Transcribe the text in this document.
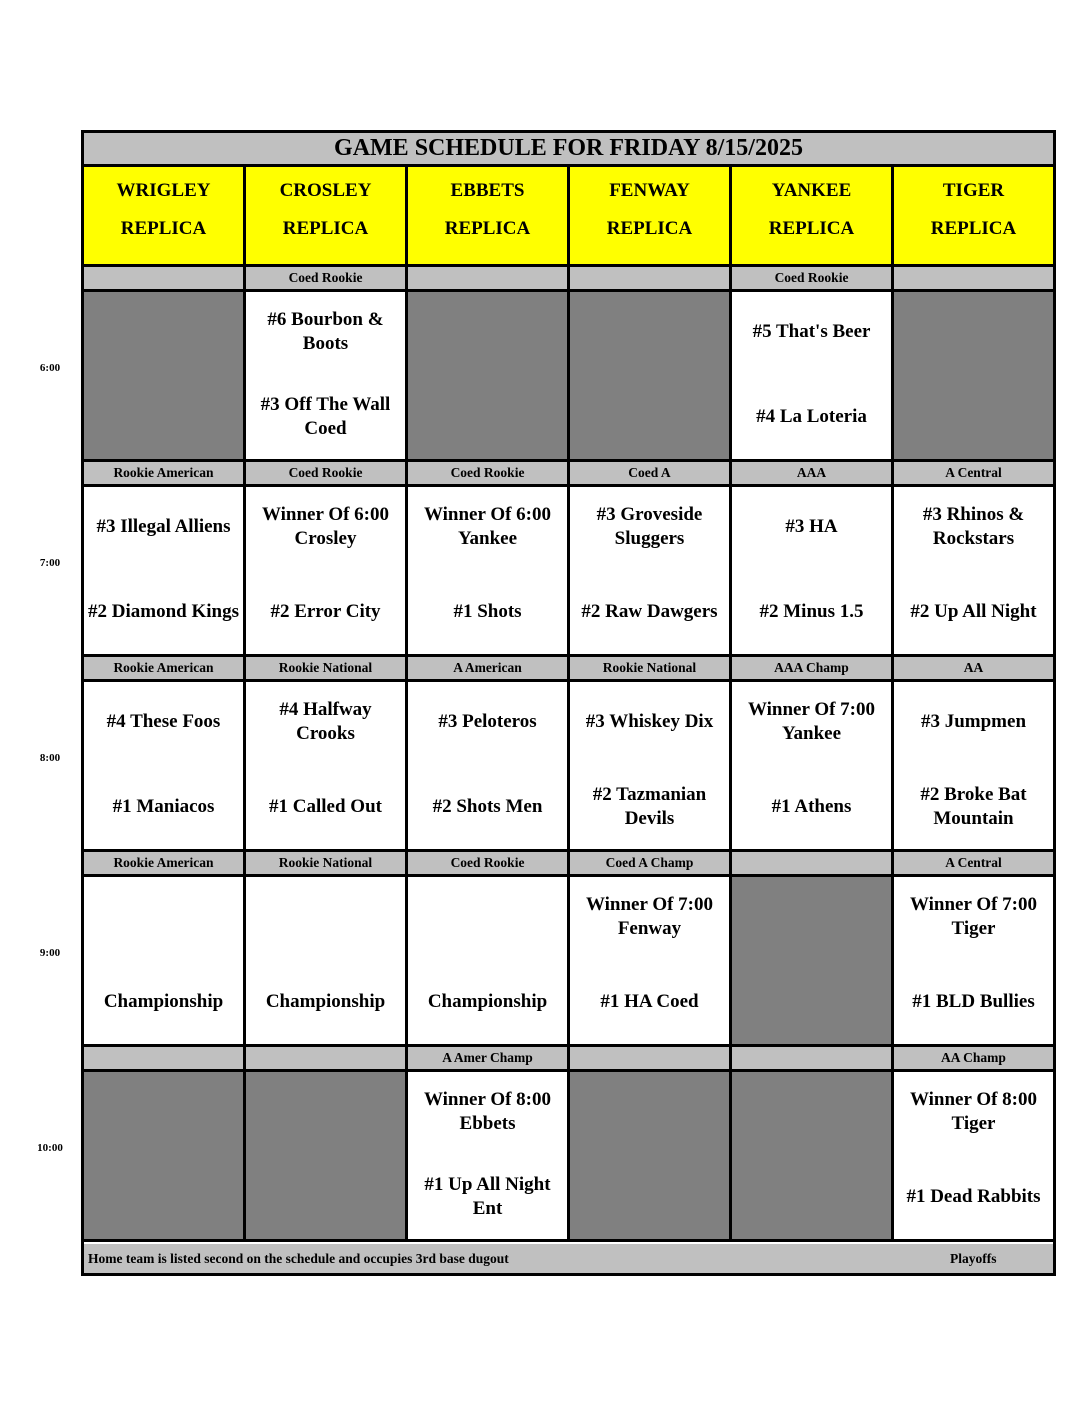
GAME SCHEDULE FOR FRIDAY 8/15/2025
WRIGLEY
REPLICA
CROSLEY
REPLICA
EBBETS
REPLICA
FENWAY
REPLICA
YANKEE
REPLICA
TIGER
REPLICA
Coed Rookie
#6 Bourbon & Boots
#3 Off The Wall Coed
Coed Rookie
#5 That's Beer
#4 La Loteria
Rookie American
#3 Illegal Alliens
#2 Diamond Kings
Coed Rookie
Winner Of 6:00 Crosley
#2 Error City
Coed Rookie
Winner Of 6:00 Yankee
#1 Shots
Coed A
#3 Groveside Sluggers
#2 Raw Dawgers
AAA
#3 HA
#2 Minus 1.5
A Central
#3 Rhinos & Rockstars
#2 Up All Night
Rookie American
#4 These Foos
#1 Maniacos
Rookie National
#4 Halfway Crooks
#1 Called Out
A American
#3 Peloteros
#2 Shots Men
Rookie National
#3 Whiskey Dix
#2 Tazmanian Devils
AAA Champ
Winner Of 7:00 Yankee
#1 Athens
AA
#3 Jumpmen
#2 Broke Bat Mountain
Rookie American
Championship
Rookie National
Championship
Coed Rookie
Championship
Coed A Champ
Winner Of 7:00 Fenway
#1 HA Coed
A Central
Winner Of 7:00 Tiger
#1 BLD Bullies
A Amer Champ
Winner Of 8:00 Ebbets
#1 Up All Night Ent
AA Champ
Winner Of 8:00 Tiger
#1 Dead Rabbits
Home team is listed second on the schedule and occupies 3rd base dugout	Playoffs
6:00
7:00
8:00
9:00
10:00
